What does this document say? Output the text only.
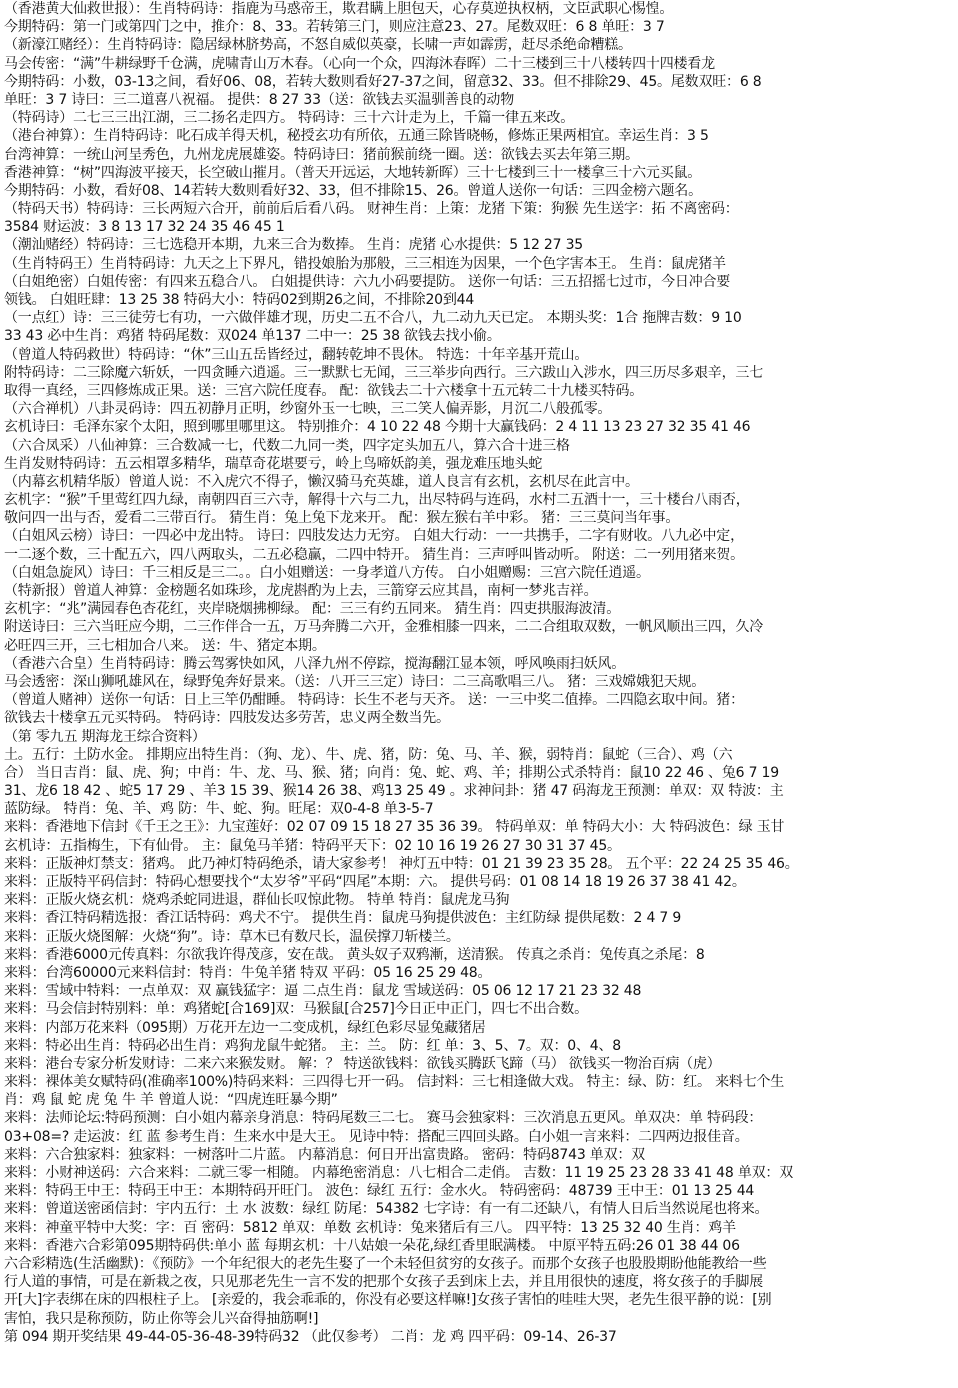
（香港黄大仙救世报）：生肖特码诗：指鹿为马惑帝王，欺君瞒上胆包天，心存莫逆执权柄，文臣武职心惕惶。
今期特码：第一门或第四门之中，推介：8、33。若转第三门，则应注意23、27。尾数双旺：6 8 单旺：3 7
（新濠江赌经）：生肖特码诗：隐居绿林脐势高，不怒自威似英豪，长啸一声如霹雳，赶尽杀绝命糟糕。
马会传密：“满”牛耕绿野千仓满，虎啸青山万木春。（心向一个众，四海沐春晖）二十三楼到三十八楼转四十四楼看龙
今期特码：小数，03-13之间，看好06、08，若转大数则看好27-37之间，留意32、33。但不排除29、45。尾数双旺：6 8
单旺：3 7 诗曰：三二道喜八祝福。 提供：8 27 33（送：欲钱去买温驯善良的动物
（特码诗）二七三三出江湖，三二扬名走四方。 特码诗：三十六计走为上，千篇一律五来改。
（港台神算）：生肖特码诗：叱石成羊得天机，秘授玄功有所依，五通三除皆晓畅，修炼正果两相宜。幸运生肖：3 5
台湾神算：一统山河呈秀色，九州龙虎展雄姿。特码诗曰：猪前猴前绕一圈。送：欲钱去买去年第三期。
香港神算：“树”四海波平接天，长空破山摧月。（普天开远运，大地转新晖）三十七楼到三十一楼拿三十六元买鼠。
今期特码：小数，看好08、14若转大数则看好32、33，但不排除15、26。曾道人送你一句话：三四金榜六题名。
（特码天书）特码诗：三长两短六合开，前前后后看八码。 财神生肖：上策：龙猪 下策：狗猴 先生送字：拓 不离密码：
3584 财运波：3 8 13 17 32 24 35 46 45 1
（潮汕赌经）特码诗：三七选稳开本期，九来三合为数捧。 生肖：虎猪 心水提供：5 12 27 35
（生肖特码王）生肖特码诗：九天之上下界凡，错投娘胎为那般，三三相连为因果，一个色字害本王。 生肖：鼠虎猪羊
（白姐绝密）白姐传密：有四来五稳合八。 白姐提供诗：六九小码要提防。 送你一句话：三五招摇七过市，今日冲合要
领钱。 白姐旺肆：13 25 38 特码大小：特码02到期26之间，不排除20到44
（一点红）诗：三三徒劳七有功，一六做伴雄才现，历史二五不合八，九二动九天已定。 本期头奖：1合 拖牌吉数：9 10
33 43 必中生肖：鸡猪 特码尾数：双024 单137 二中一：25 38 欲钱去找小偷。
（曾道人特码救世）特码诗：“休”三山五岳皆经过，翻转乾坤不畏休。 特选：十年辛基开荒山。
附特码诗：二三除魔六斩妖，一四贪睡六逍遥。三一默默七无闻，三三举步向西行。三六跋山入涉水，四三历尽多艰辛，三七
取得一真经，三四修炼成正果。送：三宫六院任度春。 配：欲钱去二十六楼拿十五元转二十九楼买特码。
（六合禅机）八卦灵码诗：四五初静月正明，纱窗外玉一七映，三二笑人偏弄影，月沉二八般孤零。
玄机诗曰：毛泽东家个太阳，照到哪里哪里这。 特别推介：4 10 22 48 今期十大赢钱码：2 4 11 13 23 27 32 35 41 46
（六合凤采）八仙神算：三合数减一七，代数二九同一类，四字定头加五八，算六合十进三格
生肖发财特码诗：五云相罩多精华，瑞草奇花堪要亏，岭上鸟啼妖韵美，强龙难压地头蛇
（内幕玄机精华版）曾道人说：不入虎穴不得子，懒汉骑马充英雄，道人良言有玄机，玄机尽在此言中。
玄机字：“猴”千里莺红四九绿，南朝四百三六寺，解得十六与二九，出尽特码与连码，水村二五酒十一，三十楼台八雨否，
敬问四一出与否，爱看二三带百行。 猜生肖：兔上兔下龙来开。 配：猴左猴右羊中彩。 猪：三三莫问当年事。
（白姐风云榜）诗曰：一四必中龙出特。 诗曰：四肢发达力无穷。 白姐大行动：一一共携手，二字有财收。八九必中定，
一二逐个数，三十配五六，四八两取头，二五必稳赢，二四中特开。 猜生肖：三声呼叫皆动听。 附送：二一列用猪来贺。
（白姐急旋风）诗曰：千三相反是三二。。白小姐赠送：一身孝道八方传。 白小姐赠赐：三宫六院任逍遥。
（特新报）曾道人神算：金榜题名如珠珍，龙虎斟酌为上去，三箭穿云应其昌，南柯一梦兆吉祥。
玄机字：“兆”满园春色杏花红，夹岸晓烟拂柳绿。 配：三三有约五同来。 猜生肖：四吏拱服海波清。
附送诗曰：三六当旺应今期，二三作伴合一五，万马奔腾二六开，金雅相膝一四来，二二合组取双数，一帆风顺出三四，久冷
必旺四三开，三七相加合八来。 送：牛、猪定本期。
（香港六合皇）生肖特码诗：腾云驾雾快如风，八泽九州不停踪，搅海翻江显本领，呼风唤雨扫妖风。
马会透密：深山狮吼雄风在，绿野兔奔好景来。（送：八开三三定）诗曰：二三高歌唱三八。 猪：三戏嫦娥犯天规。
（曾道人赌神）送你一句话：日上三竿仍酣睡。 特码诗：长生不老与天齐。 送：一三中奖二值捧。二四隐玄取中间。猪：
欲钱去十楼拿五元买特码。 特码诗：四肢发达多劳苦，忠义两全数当先。
（第 零九五 期海龙王综合资料）
土。五行：土防水金。 排期应出特生肖：（狗、龙）、牛、虎、猪，防：兔、马、羊、猴，弱特肖：鼠蛇（三合）、鸡（六
合） 当日吉肖：鼠、虎、狗；中肖：牛、龙、马、猴、猪；向肖：兔、蛇、鸡、羊；排期公式杀特肖：鼠10 22 46 、兔6 7 19
31、龙6 18 42 、蛇5 17 29 、羊3 15 39、猴14 26 38、鸡13 25 49 。求神问卦：猪 47 码海龙王预测：单双：双 特波：主
蓝防绿。 特肖：兔、羊、鸡 防：牛、蛇、狗。旺尾：双0-4-8 单3-5-7
来料：香港地下信封《千王之王》：九宝莲好：02 07 09 15 18 27 35 36 39。 特码单双：单 特码大小：大 特码波色：绿 玉甘
玄机诗：五指梅生，下有仙骨。 主：鼠兔马羊猪：特码平天下：02 10 16 19 26 27 30 31 37 45。
来料：正版神灯禁支：猪鸡。 此乃神灯特码绝杀，请大家参考！ 神灯五中特：01 21 39 23 35 28。 五个平：22 24 25 35 46。
来料：正版特平码信封：特码心想要找个“太岁爷”平码“四尾”本期：六。 提供号码：01 08 14 18 19 26 37 38 41 42。
来料：正版火烧玄机：烧鸡杀蛇同进退，群仙长叹惊此物。 特单 特肖：鼠虎龙马狗
来料：香江特码精选报：香江话特码：鸡犬不宁。 提供生肖：鼠虎马狗提供波色：主红防绿 提供尾数：2 4 7 9
来料：正版火烧图解：火烧“狗”。诗：草木已有数尺长，温侯撑刀斩楼兰。
来料：香港6000元传真料：尔欲我许得茂彦，安在哉。 黄头奴子双鸦漸，送清猴。 传真之杀肖：兔传真之杀尾：8
来料：台湾60000元来料信封：特肖：牛兔羊猪 特双 平码：05 16 25 29 48。
来料：雪域中特料：一点单双：双 赢钱猛字：逼 二点生肖：鼠龙 雪域送码：05 06 12 17 21 23 32 48
来料：马会信封特别料：单：鸡猪蛇[合169]双：马猴鼠[合257]今日正中正门，四七不出合数。
来料：内部万花来料（095期）万花开左边一二变成机，绿红色彩尽显兔藏猪居
来料：特必出生肖：特码必出生肖：鸡狗龙鼠牛蛇猪。 主：兰。 防：红 单：3、5、7。双：0、4、8
来料：港台专家分析发财诗：二来六来猴发财。 解：？ 特送欲钱料：欲钱买腾跃飞蹄（马） 欲钱买一物治百病（虎）
来料：裸体美女赋特码(准确率100%)特码来料：三四得七开一码。 信封料：三七相逢做大戏。 特主：绿、防：红。 来料七个生
肖：鸡 鼠 蛇 虎 兔 牛 羊 曾道人说：“四虎连旺暴今期”
来料：法师论坛:特码预测：白小姐内幕亲身消息：特码尾数三二七。 赛马会独家料：三次消息五更风。单双决：单 特码段：
03+08=? 走运波：红 蓝 参考生肖：生来水中是大王。 见诗中特：搭配三四回头路。白小姐一言来料：二四两边报佳音。
来料：六合独家料：独家料：一树落叶二片蓝。 内幕消息：何日开出富贵路。 密码：特码8743 单双：双
来料：小财神送码：六合来料：二就三零一相随。 内幕绝密消息：八七相合二走俏。 吉数：11 19 25 23 28 33 41 48 单双：双
来料：特码王中王：特码王中王：本期特码开旺门。 波色：绿红 五行：金水火。 特码密码：48739 王中王：01 13 25 44
来料：曾道送密函信封：宇内五行：土 水 波数：绿红 防尾：54382 七字诗：有一有二还缺八，有情人日后当然说尾也将来。
来料：神童平特中大奖：字：百 密码：5812 单双：单数 玄机诗：兔来猪后有三八。 四平特：13 25 32 40 生肖：鸡羊
来料：香港六合彩第095期特码供:单小 蓝 每期玄机：十八姑娘一朵花,绿红香里眠满楼。 中原平特五码:26 01 38 44 06
六合彩精选(生活幽默)：《预防》一个年纪很大的老先生娶了一个未轻但贫穷的女孩子。而那个女孩子也股股期盼他能教给一些
行人道的事情，可是在新栽之夜，只见那老先生一言不发的把那个女孩子丢到床上去，并且用很快的速度，将女孩子的手脚展
开[大]字表绑在床的四根柱子上。 [亲爱的，我会乖乖的，你没有必要这样嘛!]女孩子害怕的哇哇大哭，老先生很平静的说：[别
害怕，我只是称预防，防止你等会儿兴奋得抽筋啊!]
第 094 期开奖结果 49-44-05-36-48-39特码32 （此仅参考） 二肖：龙 鸡 四平码：09-14、26-37
